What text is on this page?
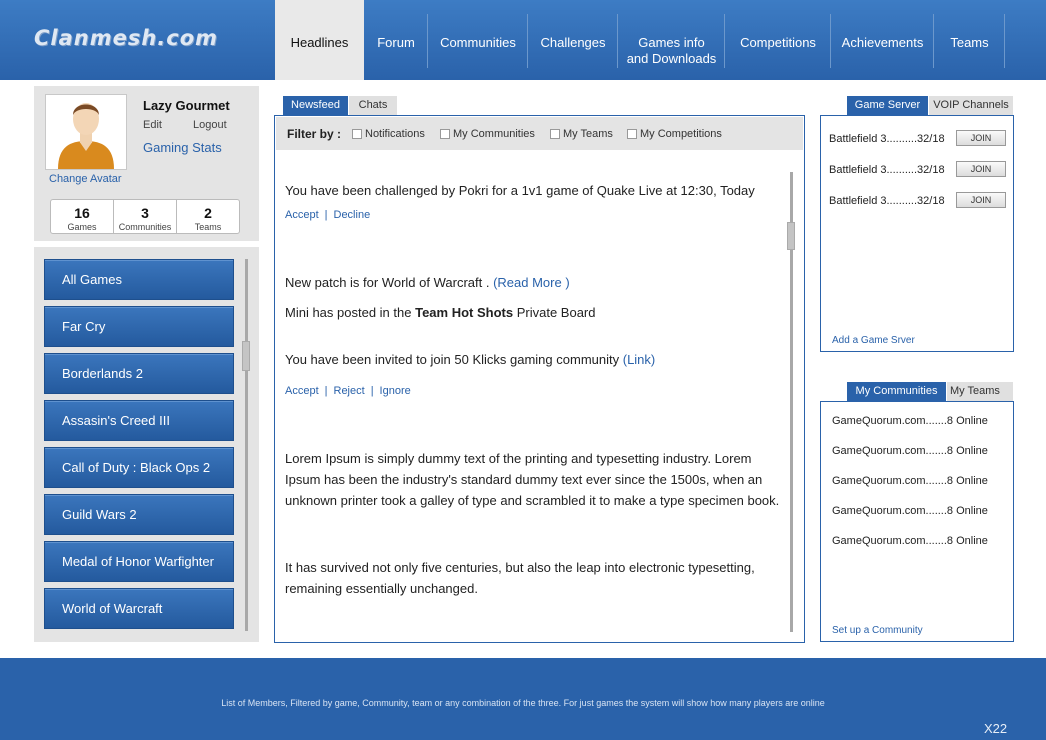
Clanmesh.com	Headlines Forum Communities Challenges	Games info and Downloads
Competitions Achievements Teams
Change Avatar
Lazy Gourmet
Edit	Logout
Gaming Stats
16
Games
3
Communities
2
Teams
All Games
Far Cry
Borderlands 2
Assasin's Creed III
Call of Duty : Black Ops 2
Guild Wars 2
Medal of Honor Warfighter
World of Warcraft
Newsfeed	Chats
Filter by : Notifications	My Communities	My Teams My Competitions
You have been challenged by Pokri for a 1v1 game of Quake Live at 12:30, Today
Accept | Decline
New patch is for World of Warcraft . (Read More )
Mini has posted in the Team Hot Shots Private Board
You have been invited to join 50 Klicks gaming community (Link)
Accept | Reject | Ignore
Lorem Ipsum is simply dummy text of the printing and typesetting industry. Lorem Ipsum has been the industry's standard dummy text ever since the 1500s, when an unknown printer took a galley of type and scrambled it to make a type specimen book.
It has survived not only five centuries, but also the leap into electronic typesetting, remaining essentially unchanged.
Game Server	VOIP Channels
Battlefield 3..........32/18	JOIN
Battlefield 3..........32/18	JOIN
Battlefield 3..........32/18	JOIN
Add a Game Srver
My Communities	My Teams
GameQuorum.com.......8 Online
GameQuorum.com.......8 Online
GameQuorum.com.......8 Online
GameQuorum.com.......8 Online
GameQuorum.com.......8 Online
Set up a Community
List of Members, Filtered by game, Community, team or any combination of the three. For just games the system will show how many players are online
X22
